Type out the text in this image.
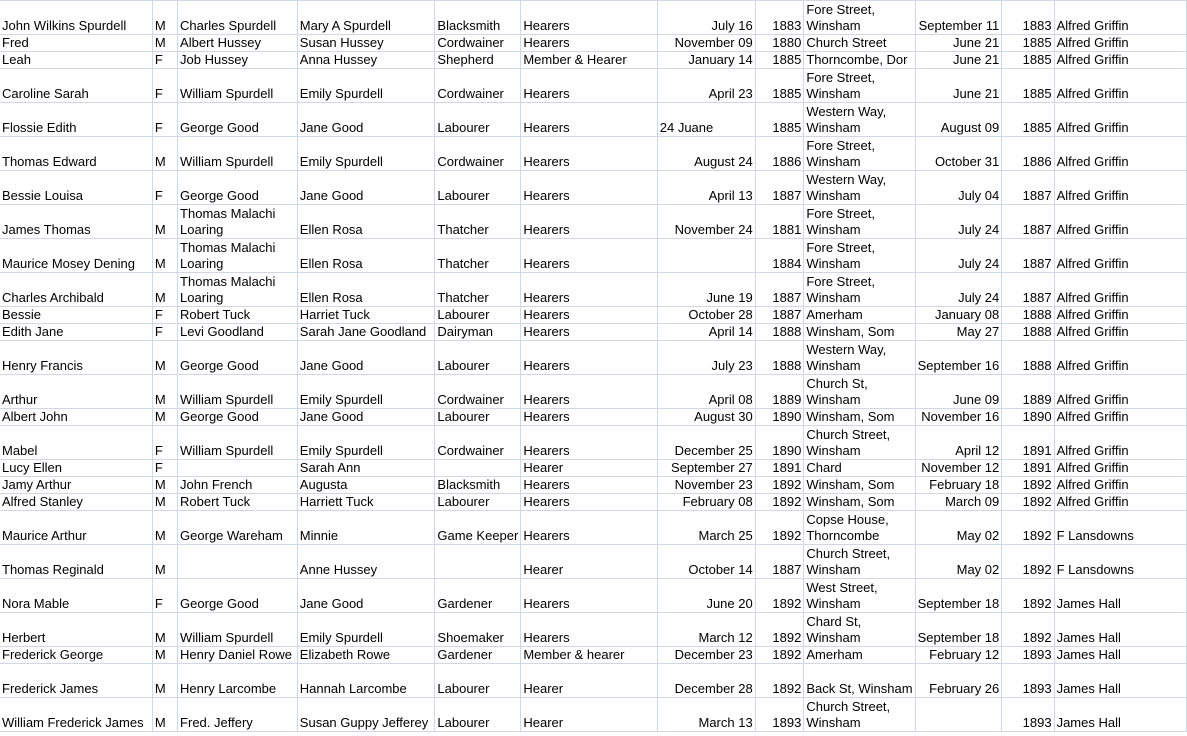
John Wilkins Spurdell	M	Charles Spurdell	Mary A Spurdell	Blacksmith	Hearers	July 16	1883	Fore Street, Winsham	September 11	1883	Alfred Griffin
Fred	M	Albert Hussey	Susan Hussey	Cordwainer	Hearers	November 09	1880	Church Street	June 21	1885	Alfred Griffin
Leah	F	Job Hussey	Anna Hussey	Shepherd	Member & Hearer	January 14	1885	Thorncombe, Dor	June 21	1885	Alfred Griffin
Caroline Sarah	F	William Spurdell	Emily Spurdell	Cordwainer	Hearers	April 23	1885	Fore Street, Winsham	June 21	1885	Alfred Griffin
Flossie Edith	F	George Good	Jane Good	Labourer	Hearers	24 Juane	1885	Western Way, Winsham	August 09	1885	Alfred Griffin
Thomas Edward	M	William Spurdell	Emily Spurdell	Cordwainer	Hearers	August 24	1886	Fore Street, Winsham	October 31	1886	Alfred Griffin
Bessie Louisa	F	George Good	Jane Good	Labourer	Hearers	April 13	1887	Western Way, Winsham	July 04	1887	Alfred Griffin
James Thomas	M	Thomas Malachi Loaring	Ellen Rosa	Thatcher	Hearers	November 24	1881	Fore Street, Winsham	July 24	1887	Alfred Griffin
Maurice Mosey Dening	M	Thomas Malachi Loaring	Ellen Rosa	Thatcher	Hearers		1884	Fore Street, Winsham	July 24	1887	Alfred Griffin
Charles Archibald	M	Thomas Malachi Loaring	Ellen Rosa	Thatcher	Hearers	June 19	1887	Fore Street, Winsham	July 24	1887	Alfred Griffin
Bessie	F	Robert Tuck	Harriet Tuck	Labourer	Hearers	October 28	1887	Amerham	January 08	1888	Alfred Griffin
Edith Jane	F	Levi Goodland	Sarah Jane Goodland	Dairyman	Hearers	April 14	1888	Winsham, Som	May 27	1888	Alfred Griffin
Henry Francis	M	George Good	Jane Good	Labourer	Hearers	July 23	1888	Western Way, Winsham	September 16	1888	Alfred Griffin
Arthur	M	William Spurdell	Emily Spurdell	Cordwainer	Hearers	April 08	1889	Church St, Winsham	June 09	1889	Alfred Griffin
Albert John	M	George Good	Jane Good	Labourer	Hearers	August 30	1890	Winsham, Som	November 16	1890	Alfred Griffin
Mabel	F	William Spurdell	Emily Spurdell	Cordwainer	Hearers	December 25	1890	Church Street, Winsham	April 12	1891	Alfred Griffin
Lucy Ellen	F		Sarah Ann		Hearer	September 27	1891	Chard	November 12	1891	Alfred Griffin
Jamy Arthur	M	John French	Augusta	Blacksmith	Hearers	November 23	1892	Winsham, Som	February 18	1892	Alfred Griffin
Alfred Stanley	M	Robert Tuck	Harriett Tuck	Labourer	Hearers	February 08	1892	Winsham, Som	March 09	1892	Alfred Griffin
Maurice Arthur	M	George Wareham	Minnie	Game Keeper	Hearers	March 25	1892	Copse House, Thorncombe	May 02	1892	F Lansdowns
Thomas Reginald	M		Anne Hussey		Hearer	October 14	1887	Church Street, Winsham	May 02	1892	F Lansdowns
Nora Mable	F	George Good	Jane Good	Gardener	Hearers	June 20	1892	West Street, Winsham	September 18	1892	James Hall
Herbert	M	William Spurdell	Emily Spurdell	Shoemaker	Hearers	March 12	1892	Chard St, Winsham	September 18	1892	James Hall
Frederick George	M	Henry Daniel Rowe	Elizabeth Rowe	Gardener	Member & hearer	December 23	1892	Amerham	February 12	1893	James Hall
Frederick James	M	Henry Larcombe	Hannah Larcombe	Labourer	Hearer	December 28	1892	Back St, Winsham	February 26	1893	James Hall
William Frederick James	M	Fred. Jeffery	Susan Guppy Jefferey	Labourer	Hearer	March 13	1893	Church Street, Winsham		1893	James Hall
